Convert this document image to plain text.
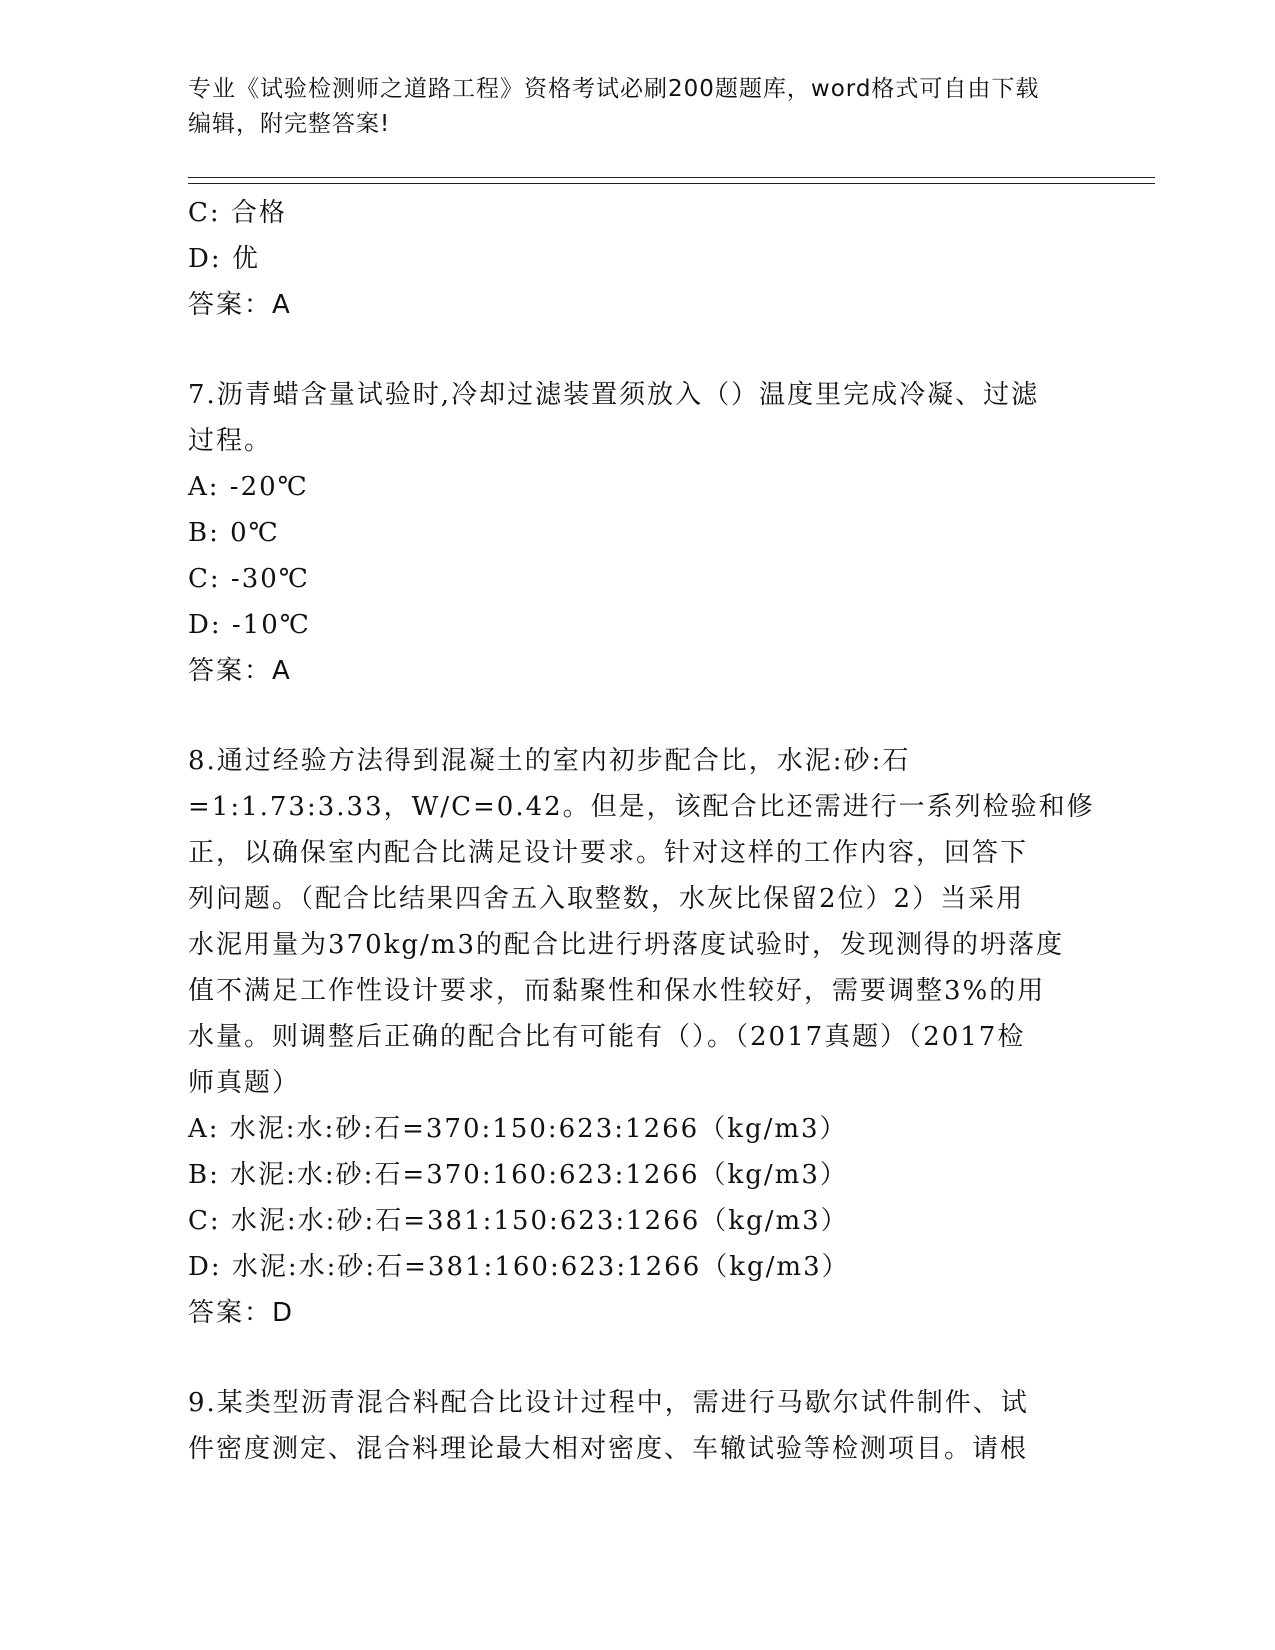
专业《试验检测师之道路工程》资格考试必刷200题题库，word格式可自由下载
编辑，附完整答案!
C: 合格
D: 优
答案：A
7.沥青蜡含量试验时,冷却过滤装置须放入（）温度里完成冷凝、过滤
过程。
A: -20℃
B: 0℃
C: -30℃
D: -10℃
答案：A
8.通过经验方法得到混凝土的室内初步配合比，水泥:砂:石
=1:1.73:3.33，W/C=0.42。但是，该配合比还需进行一系列检验和修
正，以确保室内配合比满足设计要求。针对这样的工作内容，回答下
列问题。（配合比结果四舍五入取整数，水灰比保留2位）2）当采用
水泥用量为370kg/m3的配合比进行坍落度试验时，发现测得的坍落度
值不满足工作性设计要求，而黏聚性和保水性较好，需要调整3%的用
水量。则调整后正确的配合比有可能有（）。（2017真题）（2017检
师真题）
A: 水泥:水:砂:石=370:150:623:1266（kg/m3）
B: 水泥:水:砂:石=370:160:623:1266（kg/m3）
C: 水泥:水:砂:石=381:150:623:1266（kg/m3）
D: 水泥:水:砂:石=381:160:623:1266（kg/m3）
答案：D
9.某类型沥青混合料配合比设计过程中，需进行马歇尔试件制件、试
件密度测定、混合料理论最大相对密度、车辙试验等检测项目。请根
